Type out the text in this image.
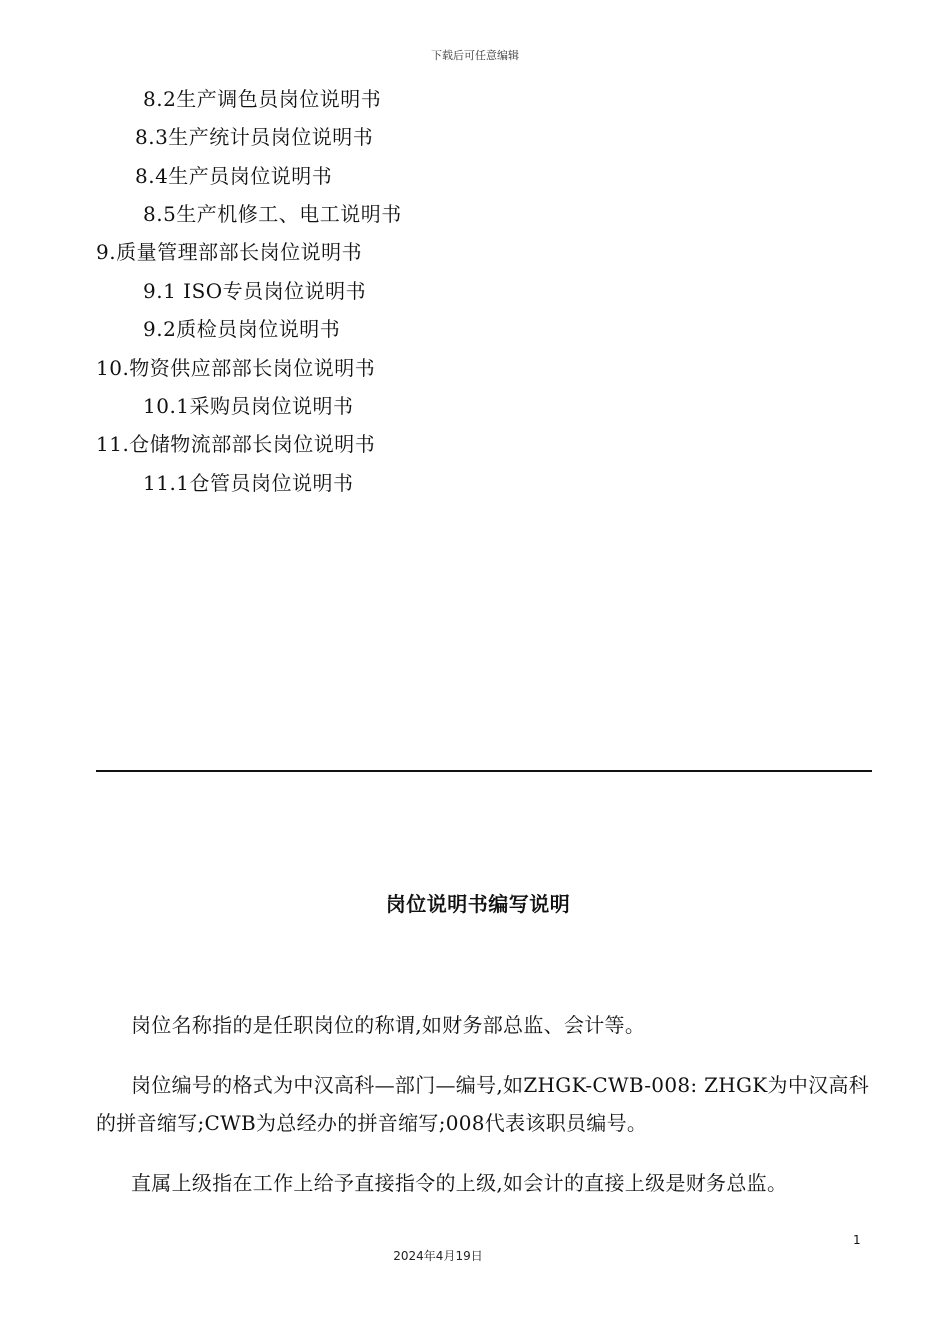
下载后可任意编辑
8.2生产调色员岗位说明书
8.3生产统计员岗位说明书
8.4生产员岗位说明书
8.5生产机修工、电工说明书
9.质量管理部部长岗位说明书
9.1 ISO专员岗位说明书
9.2质检员岗位说明书
10.物资供应部部长岗位说明书
10.1采购员岗位说明书
11.仓储物流部部长岗位说明书
11.1仓管员岗位说明书
岗位说明书编写说明

岗位名称指的是任职岗位的称谓,如财务部总监、会计等。

岗位编号的格式为中汉高科—部门—编号,如ZHGK-CWB-008: ZHGK为中汉高科的拼音缩写;CWB为总经办的拼音缩写;008代表该职员编号。

直属上级指在工作上给予直接指令的上级,如会计的直接上级是财务总监。

1
2024年4月19日
